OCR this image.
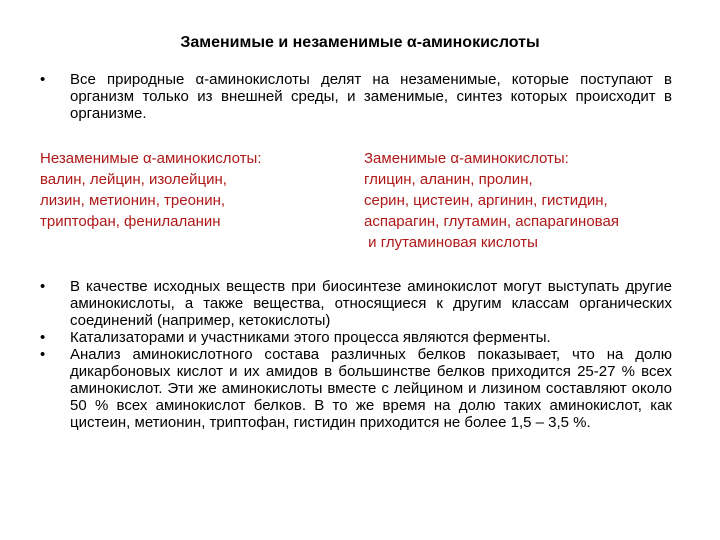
Заменимые и незаменимые α-аминокислоты
•	Все природные α-аминокислоты делят на незаменимые, которые поступают в организм только из внешней среды, и заменимые, синтез которых происходит в организме.
Незаменимые α-аминокислоты:
валин, лейцин, изолейцин,
лизин, метионин, треонин,
триптофан, фенилаланин
Заменимые α-аминокислоты:
глицин, аланин, пролин,
серин, цистеин, аргинин, гистидин,
аспарагин, глутамин, аспарагиновая
и глутаминовая кислоты
•	В качестве исходных веществ при биосинтезе аминокислот могут выступать другие аминокислоты, а также вещества, относящиеся к другим классам органических соединений (например, кетокислоты)
•	Катализаторами и участниками этого процесса являются ферменты.
•	Анализ аминокислотного состава различных белков показывает, что на долю дикарбоновых кислот и их амидов в большинстве белков приходится 25-27 % всех аминокислот. Эти же аминокислоты вместе с лейцином и лизином составляют около 50 % всех аминокислот белков. В то же время на долю таких аминокислот, как цистеин, метионин, триптофан, гистидин приходится не более 1,5 – 3,5 %.
